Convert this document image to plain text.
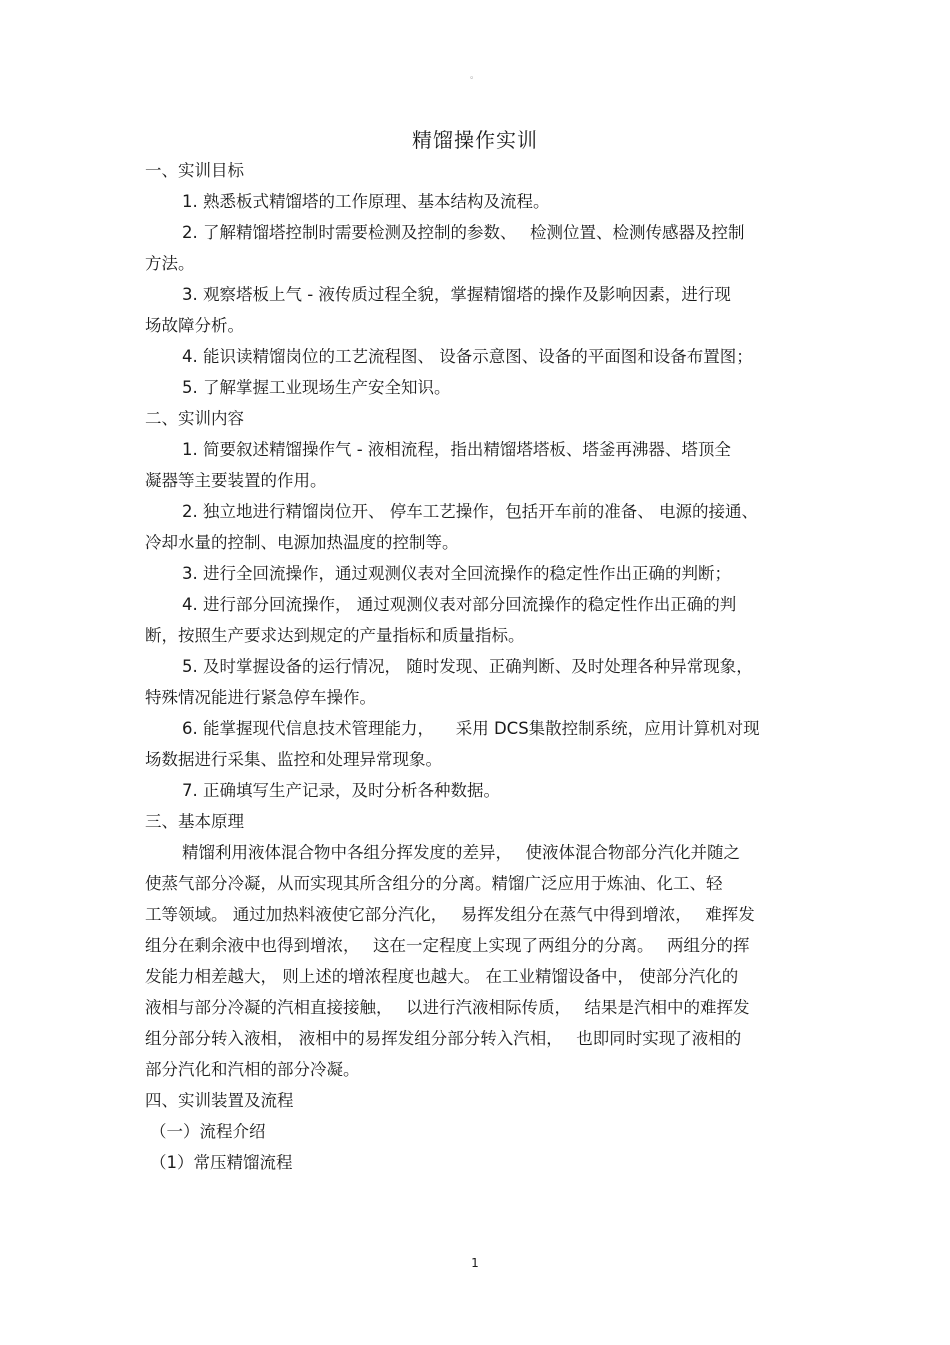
。
精馏操作实训
一、实训目标
1. 熟悉板式精馏塔的工作原理、基本结构及流程。
2. 了解精馏塔控制时需要检测及控制的参数、　 检测位置、检测传感器及控制
方法。
3. 观察塔板上气 - 液传质过程全貌，掌握精馏塔的操作及影响因素，进行现
场故障分析。
4. 能识读精馏岗位的工艺流程图、 设备示意图、设备的平面图和设备布置图；
5. 了解掌握工业现场生产安全知识。
二、实训内容
1. 简要叙述精馏操作气 - 液相流程，指出精馏塔塔板、塔釜再沸器、塔顶全
凝器等主要装置的作用。
2. 独立地进行精馏岗位开、 停车工艺操作，包括开车前的准备、 电源的接通、
冷却水量的控制、电源加热温度的控制等。
3. 进行全回流操作，通过观测仪表对全回流操作的稳定性作出正确的判断；
4. 进行部分回流操作， 通过观测仪表对部分回流操作的稳定性作出正确的判
断，按照生产要求达到规定的产量指标和质量指标。
5. 及时掌握设备的运行情况， 随时发现、正确判断、及时处理各种异常现象，
特殊情况能进行紧急停车操作。
6. 能掌握现代信息技术管理能力， 　采用 DCS集散控制系统，应用计算机对现
场数据进行采集、监控和处理异常现象。
7. 正确填写生产记录，及时分析各种数据。
三、基本原理
精馏利用液体混合物中各组分挥发度的差异，　 使液体混合物部分汽化并随之
使蒸气部分冷凝，从而实现其所含组分的分离。精馏广泛应用于炼油、化工、轻
工等领域。 通过加热料液使它部分汽化，　 易挥发组分在蒸气中得到增浓，　 难挥发
组分在剩余液中也得到增浓，　 这在一定程度上实现了两组分的分离。　 两组分的挥
发能力相差越大， 则上述的增浓程度也越大。 在工业精馏设备中， 使部分汽化的
液相与部分冷凝的汽相直接接触，　 以进行汽液相际传质，　 结果是汽相中的难挥发
组分部分转入液相， 液相中的易挥发组分部分转入汽相，　 也即同时实现了液相的
部分汽化和汽相的部分冷凝。
四、实训装置及流程
（一）流程介绍
（1）常压精馏流程
1
